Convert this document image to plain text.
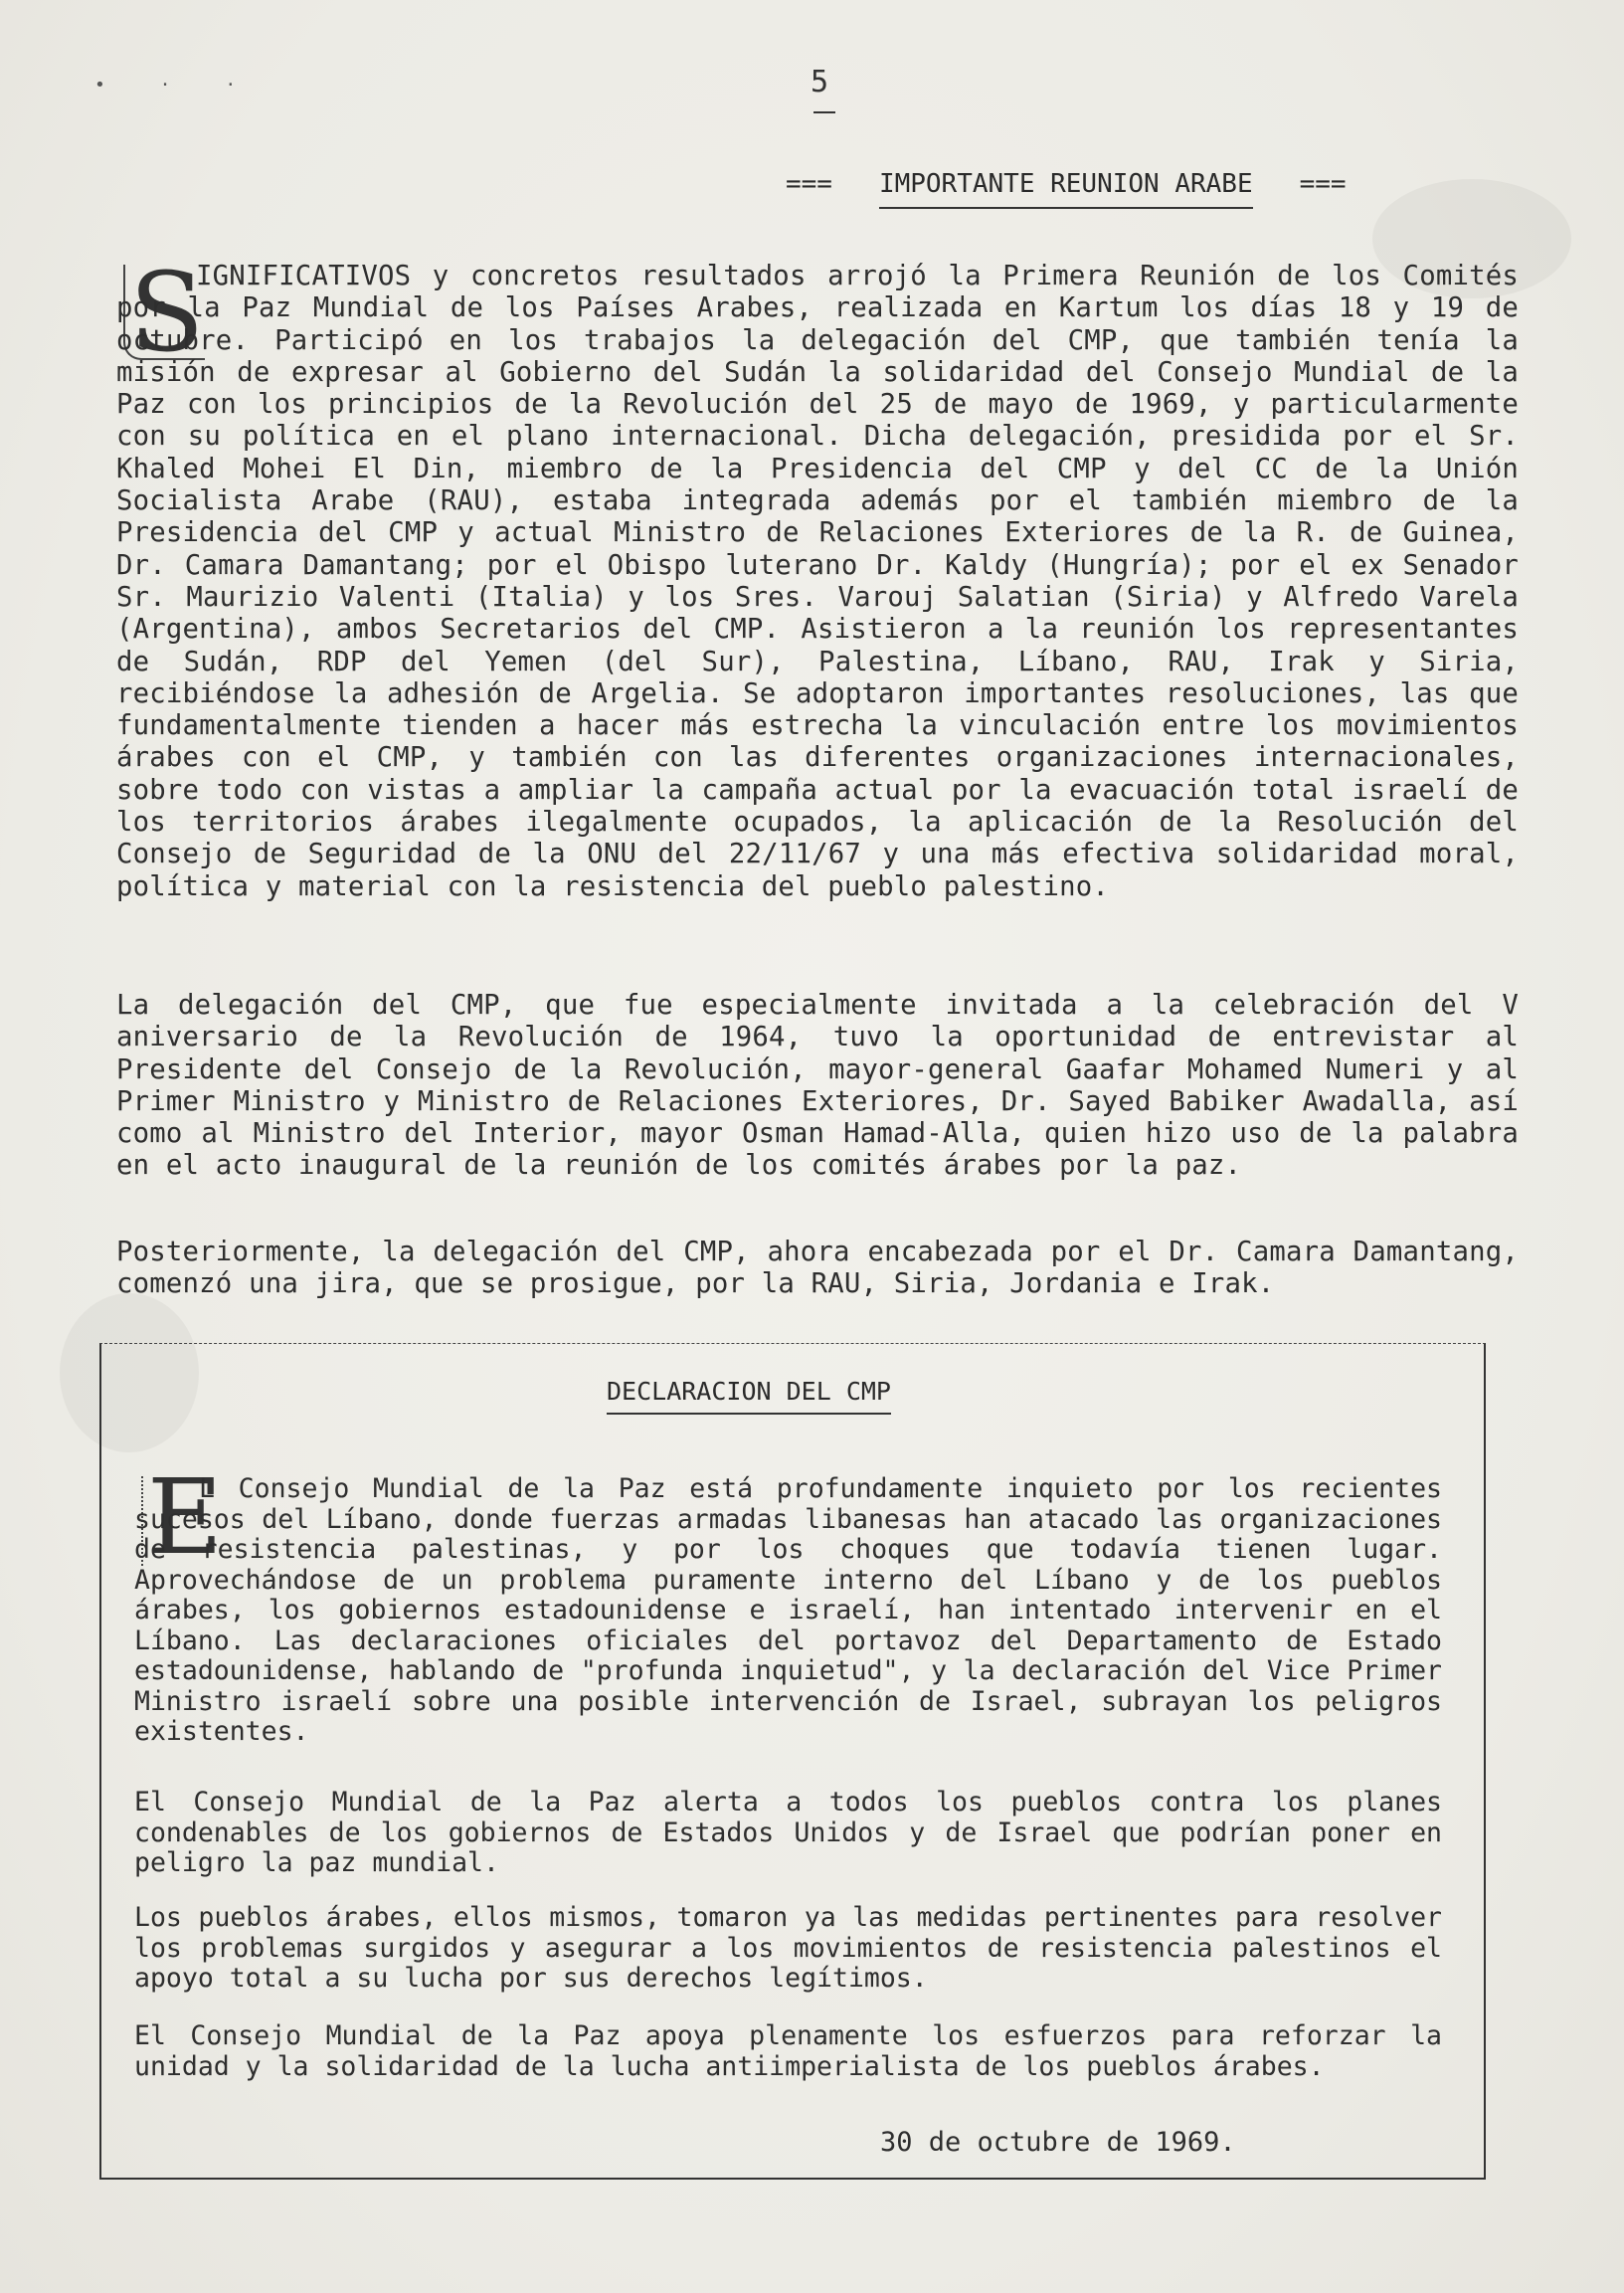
• · ·	5
=== IMPORTANTE REUNION ARABE ===
S

IGNIFICATIVOS y concretos resultados arrojó la Primera Reunión de los Comités por la Paz Mundial de los Países Arabes, realizada en Kartum los días 18 y 19 de octubre. Participó en los trabajos la delegación del CMP, que también tenía la misión de expresar al Gobierno del Sudán la solidaridad del Consejo Mundial de la Paz con los principios de la Revolución del 25 de mayo de 1969, y particularmente con su política en el plano internacional. Dicha delegación, presidida por el Sr. Khaled Mohei El Din, miembro de la Presidencia del CMP y del CC de la Unión Socialista Arabe (RAU), estaba integrada además por el también miembro de la Presidencia del CMP y actual Ministro de Relaciones Exteriores de la R. de Guinea, Dr. Camara Damantang; por el Obispo luterano Dr. Kaldy (Hungría); por el ex Senador Sr. Maurizio Valenti (Italia) y los Sres. Varouj Salatian (Siria) y Alfredo Varela (Argentina), ambos Secretarios del CMP. Asistieron a la reunión los representantes de Sudán, RDP del Yemen (del Sur), Palestina, Líbano, RAU, Irak y Siria, recibiéndose la adhesión de Argelia. Se adoptaron importantes resoluciones, las que fundamentalmente tienden a hacer más estrecha la vinculación entre los movimientos árabes con el CMP, y también con las diferentes organizaciones internacionales, sobre todo con vistas a ampliar la campaña actual por la evacuación total israelí de los territorios árabes ilegalmente ocupados, la aplicación de la Resolución del Consejo de Seguridad de la ONU del 22/11/67 y una más efectiva solidaridad moral, política y material con la resistencia del pueblo palestino.

La delegación del CMP, que fue especialmente invitada a la celebración del V aniversario de la Revolución de 1964, tuvo la oportunidad de entrevistar al Presidente del Consejo de la Revolución, mayor-general Gaafar Mohamed Numeri y al Primer Ministro y Ministro de Relaciones Exteriores, Dr. Sayed Babiker Awadalla, así como al Ministro del Interior, mayor Osman Hamad-Alla, quien hizo uso de la palabra en el acto inaugural de la reunión de los comités árabes por la paz.

Posteriormente, la delegación del CMP, ahora encabezada por el Dr. Camara Damantang, comenzó una jira, que se prosigue, por la RAU, Siria, Jordania e Irak.

DECLARACION DEL CMP
E

L Consejo Mundial de la Paz está profundamente inquieto por los recientes sucesos del Líbano, donde fuerzas armadas libanesas han atacado las organizaciones de resistencia palestinas, y por los choques que todavía tienen lugar. Aprovechándose de un problema puramente interno del Líbano y de los pueblos árabes, los gobiernos estadounidense e israelí, han intentado intervenir en el Líbano. Las declaraciones oficiales del portavoz del Departamento de Estado estadounidense, hablando de "profunda inquietud", y la declaración del Vice Primer Ministro israelí sobre una posible intervención de Israel, subrayan los peligros existentes.

El Consejo Mundial de la Paz alerta a todos los pueblos contra los planes condenables de los gobiernos de Estados Unidos y de Israel que podrían poner en peligro la paz mundial.

Los pueblos árabes, ellos mismos, tomaron ya las medidas pertinentes para resolver los problemas surgidos y asegurar a los movimientos de resistencia palestinos el apoyo total a su lucha por sus derechos legítimos.

El Consejo Mundial de la Paz apoya plenamente los esfuerzos para reforzar la unidad y la solidaridad de la lucha antiimperialista de los pueblos árabes.

30 de octubre de 1969.
